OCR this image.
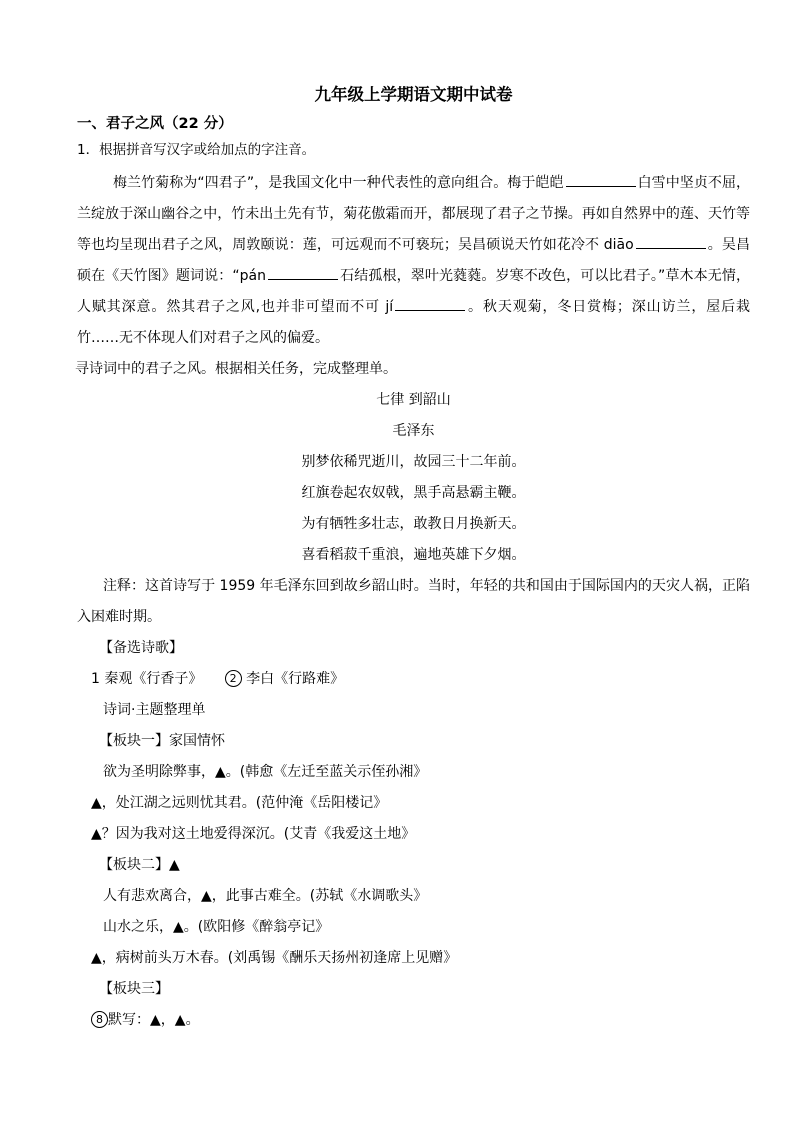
九年级上学期语文期中试卷
一、君子之风（22 分）
1．根据拼音写汉字或给加点的字注音。

梅兰竹菊称为“四君子”，是我国文化中一种代表性的意向组合。梅于皑皑	白雪中坚贞不屈，兰绽放于深山幽谷之中，竹未出土先有节，菊花傲霜而开，都展现了君子之节操。再如自然界中的莲、天竹等等也均呈现出君子之风，周敦颐说：莲，可远观而不可亵玩；吴昌硕说天竹如花冷不 diāo	。吴昌硕在《天竹图》题词说：“pán	石结孤根，翠叶光蕤蕤。岁寒不改色，可以比君子。”草木本无情，人赋其深意。然其君子之风,也并非可望而不可 jí	。秋天观菊，冬日赏梅；深山访兰，屋后栽竹……无不体现人们对君子之风的偏爱。

寻诗词中的君子之风。根据相关任务，完成整理单。

七律 到韶山

毛泽东

别梦依稀咒逝川，故园三十二年前。

红旗卷起农奴戟，黑手高悬霸主鞭。

为有牺牲多壮志，敢教日月换新天。

喜看稻菽千重浪，遍地英雄下夕烟。

注释：这首诗写于 1959 年毛泽东回到故乡韶山时。当时，年轻的共和国由于国际国内的天灾人祸，正陷入困难时期。

【备选诗歌】

1 秦观《行香子》 2 李白《行路难》

诗词·主题整理单

【板块一】家国情怀

欲为圣明除弊事，▲。(韩愈《左迁至蓝关示侄孙湘》

▲，处江湖之远则忧其君。(范仲淹《岳阳楼记》

▲？因为我对这土地爱得深沉。(艾青《我爱这土地》

【板块二】▲

人有悲欢离合，▲，此事古难全。(苏轼《水调歌头》

山水之乐，▲。(欧阳修《醉翁亭记》

▲，病树前头万木春。(刘禹锡《酬乐天扬州初逢席上见赠》

【板块三】

8 默写：▲，▲。
